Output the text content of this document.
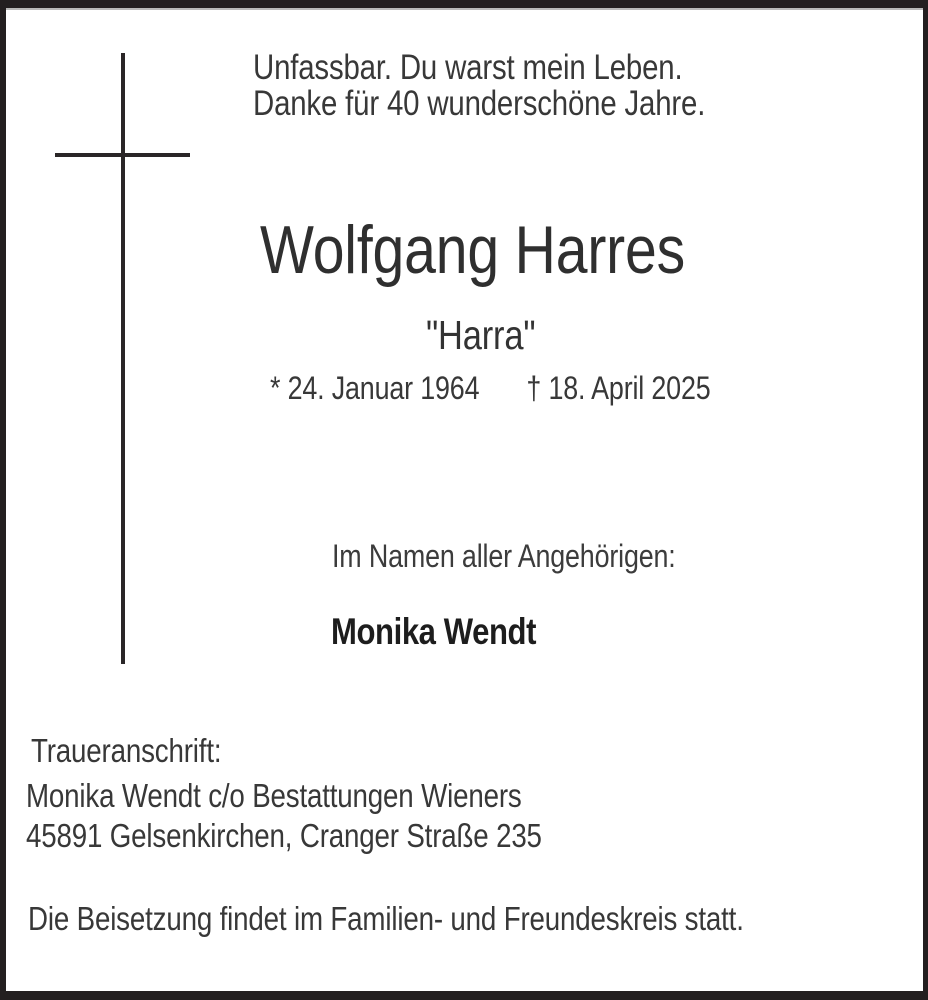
Unfassbar. Du warst mein Leben.
Danke für 40 wunderschöne Jahre.
Wolfgang Harres
"Harra"
* 24. Januar 1964 † 18. April 2025
Im Namen aller Angehörigen:
Monika Wendt
Traueranschrift:
Monika Wendt c/o Bestattungen Wieners
45891 Gelsenkirchen, Cranger Straße 235
Die Beisetzung findet im Familien- und Freundeskreis statt.
